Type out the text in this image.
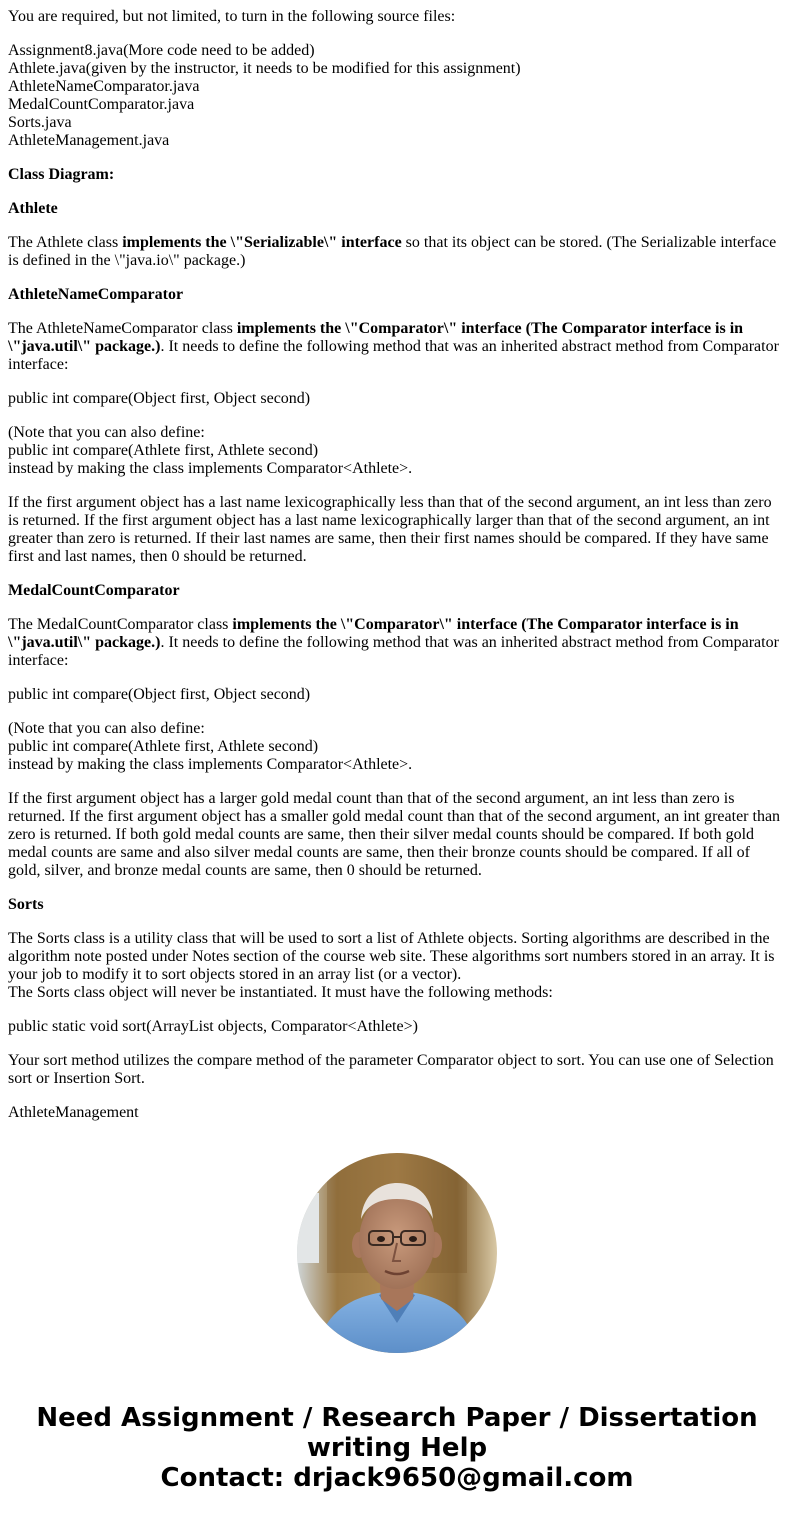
You are required, but not limited, to turn in the following source files:

Assignment8.java(More code need to be added)
Athlete.java(given by the instructor, it needs to be modified for this assignment)
AthleteNameComparator.java
MedalCountComparator.java
Sorts.java
AthleteManagement.java

Class Diagram:

Athlete

The Athlete class implements the \"Serializable\" interface so that its object can be stored. (The Serializable interface is defined in the \"java.io\" package.)

AthleteNameComparator

The AthleteNameComparator class implements the \"Comparator\" interface (The Comparator interface is in \"java.util\" package.). It needs to define the following method that was an inherited abstract method from Comparator interface:

public int compare(Object first, Object second)

(Note that you can also define:
public int compare(Athlete first, Athlete second)
instead by making the class implements Comparator<Athlete>.

If the first argument object has a last name lexicographically less than that of the second argument, an int less than zero is returned. If the first argument object has a last name lexicographically larger than that of the second argument, an int greater than zero is returned. If their last names are same, then their first names should be compared. If they have same first and last names, then 0 should be returned.

MedalCountComparator

The MedalCountComparator class implements the \"Comparator\" interface (The Comparator interface is in \"java.util\" package.). It needs to define the following method that was an inherited abstract method from Comparator interface:

public int compare(Object first, Object second)

(Note that you can also define:
public int compare(Athlete first, Athlete second)
instead by making the class implements Comparator<Athlete>.

If the first argument object has a larger gold medal count than that of the second argument, an int less than zero is returned. If the first argument object has a smaller gold medal count than that of the second argument, an int greater than zero is returned. If both gold medal counts are same, then their silver medal counts should be compared. If both gold medal counts are same and also silver medal counts are same, then their bronze counts should be compared. If all of gold, silver, and bronze medal counts are same, then 0 should be returned.

Sorts

The Sorts class is a utility class that will be used to sort a list of Athlete objects. Sorting algorithms are described in the algorithm note posted under Notes section of the course web site. These algorithms sort numbers stored in an array. It is your job to modify it to sort objects stored in an array list (or a vector).
The Sorts class object will never be instantiated. It must have the following methods:

public static void sort(ArrayList objects, Comparator<Athlete>)

Your sort method utilizes the compare method of the parameter Comparator object to sort. You can use one of Selection sort or Insertion Sort.

AthleteManagement

Need Assignment / Research Paper / Dissertation
writing Help
Contact: drjack9650@gmail.com
